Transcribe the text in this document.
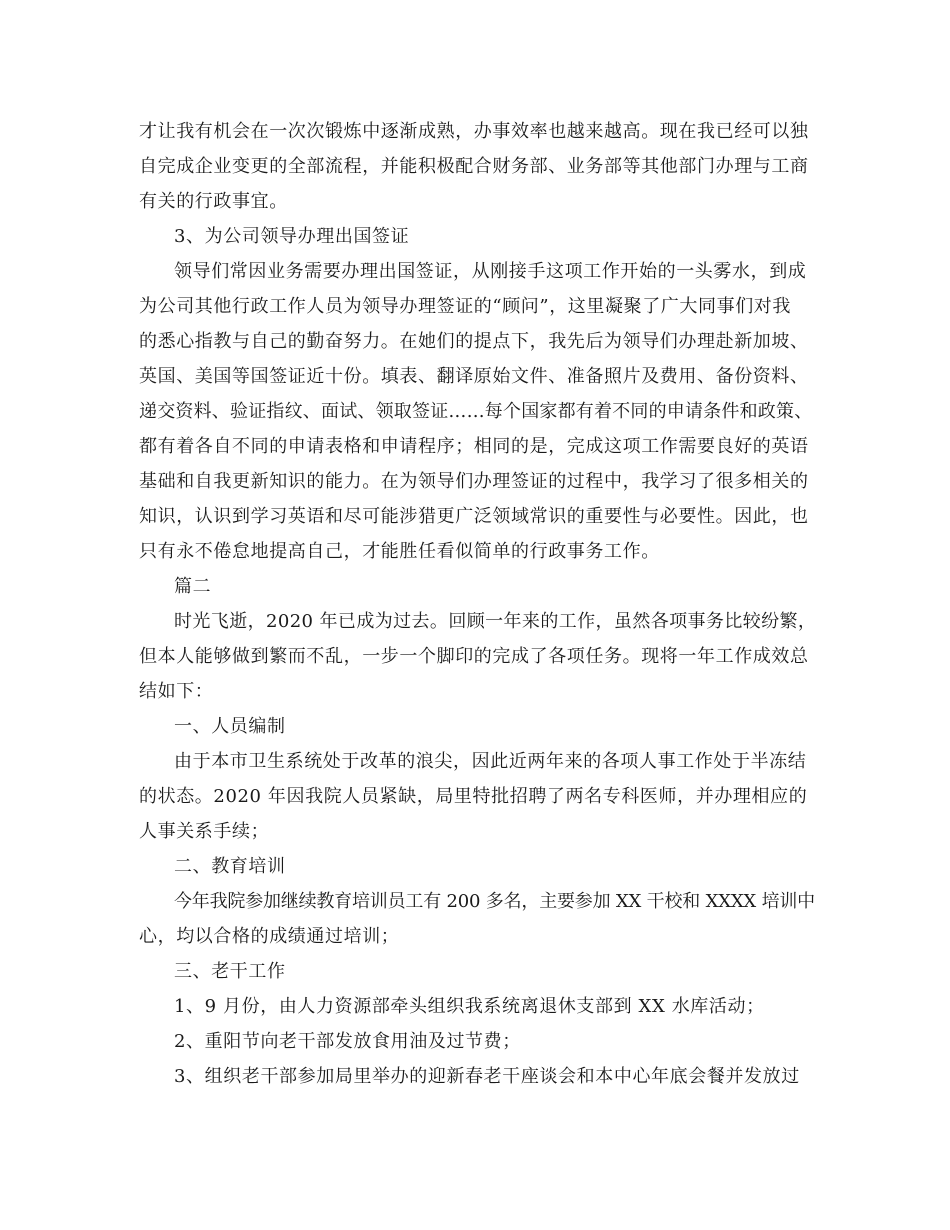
才让我有机会在一次次锻炼中逐渐成熟，办事效率也越来越高。现在我已经可以独
自完成企业变更的全部流程，并能积极配合财务部、业务部等其他部门办理与工商
有关的行政事宜。
3、为公司领导办理出国签证
领导们常因业务需要办理出国签证，从刚接手这项工作开始的一头雾水，到成
为公司其他行政工作人员为领导办理签证的“顾问”，这里凝聚了广大同事们对我
的悉心指教与自己的勤奋努力。在她们的提点下，我先后为领导们办理赴新加坡、
英国、美国等国签证近十份。填表、翻译原始文件、准备照片及费用、备份资料、
递交资料、验证指纹、面试、领取签证……每个国家都有着不同的申请条件和政策、
都有着各自不同的申请表格和申请程序；相同的是，完成这项工作需要良好的英语
基础和自我更新知识的能力。在为领导们办理签证的过程中，我学习了很多相关的
知识，认识到学习英语和尽可能涉猎更广泛领域常识的重要性与必要性。因此，也
只有永不倦怠地提高自己，才能胜任看似简单的行政事务工作。
篇二
时光飞逝，2020 年已成为过去。回顾一年来的工作，虽然各项事务比较纷繁，
但本人能够做到繁而不乱，一步一个脚印的完成了各项任务。现将一年工作成效总
结如下：
一、人员编制
由于本市卫生系统处于改革的浪尖，因此近两年来的各项人事工作处于半冻结
的状态。2020 年因我院人员紧缺，局里特批招聘了两名专科医师，并办理相应的
人事关系手续；
二、教育培训
今年我院参加继续教育培训员工有 200 多名，主要参加 XX 干校和 XXXX 培训中
心，均以合格的成绩通过培训；
三、老干工作
1、9 月份，由人力资源部牵头组织我系统离退休支部到 XX 水库活动；
2、重阳节向老干部发放食用油及过节费；
3、组织老干部参加局里举办的迎新春老干座谈会和本中心年底会餐并发放过
